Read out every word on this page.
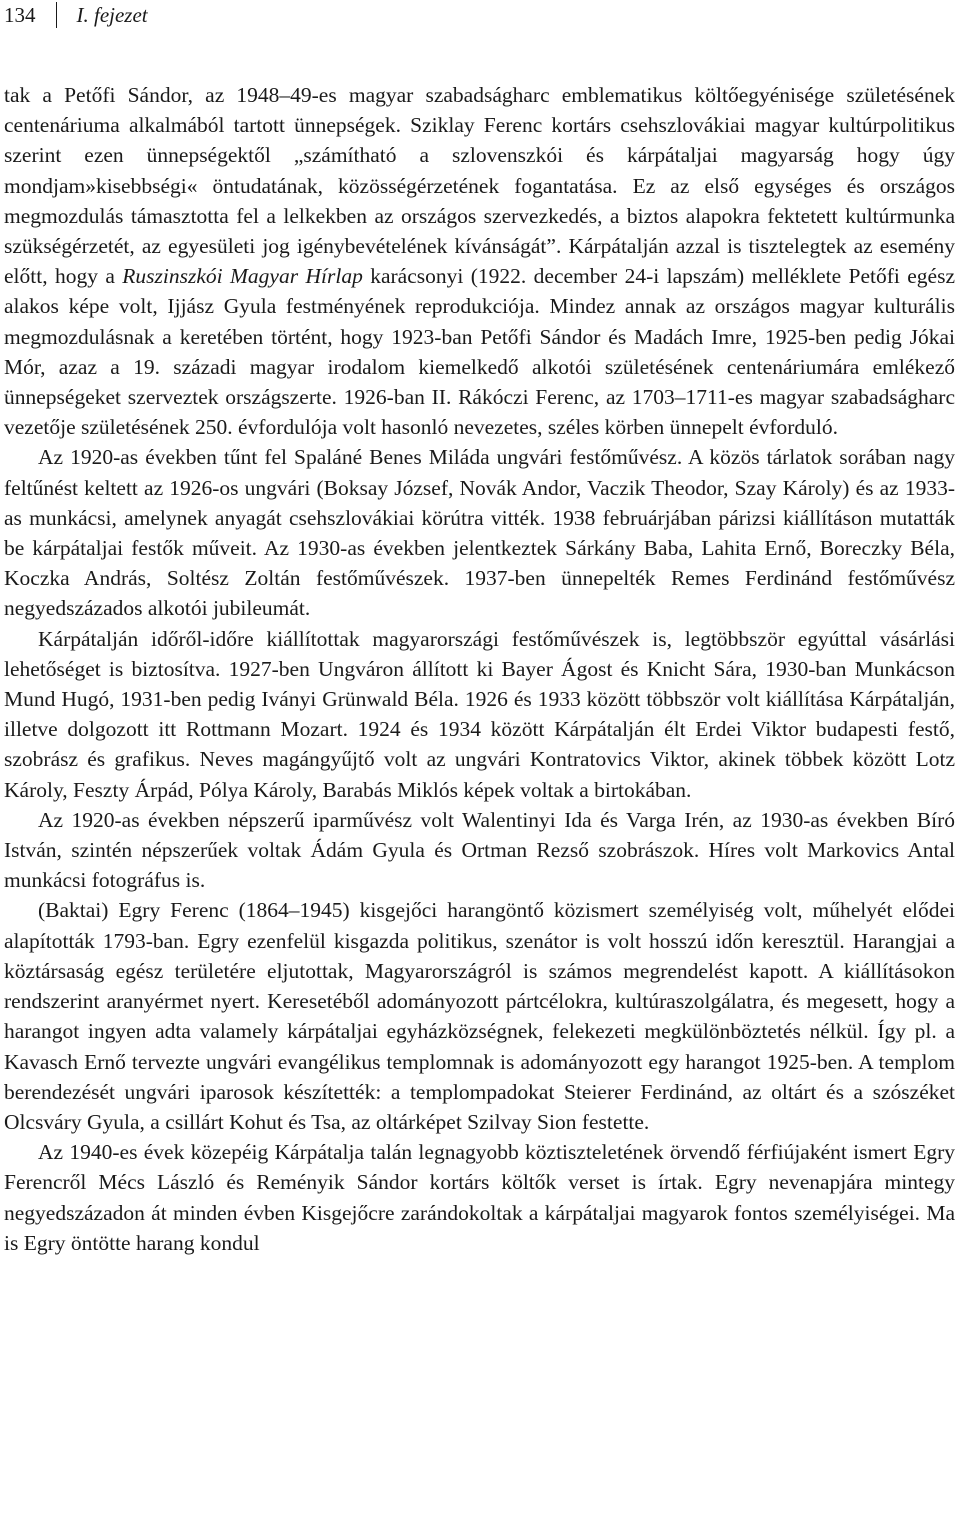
134	I. fejezet

tak a Petőfi Sándor, az 1948–49-es magyar szabadságharc emblematikus költőegyénisége születésének centenáriuma alkalmából tartott ünnepségek. Sziklay Ferenc kortárs csehszlovákiai magyar kultúrpolitikus szerint ezen ünnepségektől „számítható a szlovenszkói és kárpátaljai magyarság hogy úgy mondjam»kisebbségi« öntudatának, közösségérzetének fogantatása. Ez az első egységes és országos megmozdulás támasztotta fel a lelkekben az országos szervezkedés, a biztos alapokra fektetett kultúrmunka szükségérzetét, az egyesületi jog igénybevételének kívánságát”. Kárpátalján azzal is tisztelegtek az esemény előtt, hogy a Ruszinszkói Magyar Hírlap karácsonyi (1922. december 24-i lapszám) melléklete Petőfi egész alakos képe volt, Ijjász Gyula festményének reprodukciója. Mindez annak az országos magyar kulturális megmozdulásnak a keretében történt, hogy 1923-ban Petőfi Sándor és Madách Imre, 1925-ben pedig Jókai Mór, azaz a 19. századi magyar irodalom kiemelkedő alkotói születésének centenáriumára emlékező ünnepségeket szerveztek országszerte. 1926-ban II. Rákóczi Ferenc, az 1703–1711-es magyar szabadságharc vezetője születésének 250. évfordulója volt hasonló nevezetes, széles körben ünnepelt évforduló.

Az 1920-as években tűnt fel Spaláné Benes Miláda ungvári festőművész. A közös tárlatok sorában nagy feltűnést keltett az 1926-os ungvári (Boksay József, Novák Andor, Vaczik Theodor, Szay Károly) és az 1933-as munkácsi, amelynek anyagát csehszlovákiai körútra vitték. 1938 februárjában párizsi kiállításon mutatták be kárpátaljai festők műveit. Az 1930-as években jelentkeztek Sárkány Baba, Lahita Ernő, Boreczky Béla, Koczka András, Soltész Zoltán festőművészek. 1937-ben ünnepelték Remes Ferdinánd festőművész negyedszázados alkotói jubileumát.

Kárpátalján időről-időre kiállítottak magyarországi festőművészek is, legtöbbször egyúttal vásárlási lehetőséget is biztosítva. 1927-ben Ungváron állított ki Bayer Ágost és Knicht Sára, 1930-ban Munkácson Mund Hugó, 1931-ben pedig Iványi Grünwald Béla. 1926 és 1933 között többször volt kiállítása Kárpátalján, illetve dolgozott itt Rottmann Mozart. 1924 és 1934 között Kárpátalján élt Erdei Viktor budapesti festő, szobrász és grafikus. Neves magángyűjtő volt az ungvári Kontratovics Viktor, akinek többek között Lotz Károly, Feszty Árpád, Pólya Károly, Barabás Miklós képek voltak a birtokában.

Az 1920-as években népszerű iparművész volt Walentinyi Ida és Varga Irén, az 1930-as években Bíró István, szintén népszerűek voltak Ádám Gyula és Ortman Rezső szobrászok. Híres volt Markovics Antal munkácsi fotográfus is.

(Baktai) Egry Ferenc (1864–1945) kisgejőci harangöntő közismert személyiség volt, műhelyét elődei alapították 1793-ban. Egry ezenfelül kisgazda politikus, szenátor is volt hosszú időn keresztül. Harangjai a köztársaság egész területére eljutottak, Magyarországról is számos megrendelést kapott. A kiállításokon rendszerint aranyérmet nyert. Keresetéből adományozott pártcélokra, kultúraszolgálatra, és megesett, hogy a harangot ingyen adta valamely kárpátaljai egyházközségnek, felekezeti megkülönböztetés nélkül. Így pl. a Kavasch Ernő tervezte ungvári evangélikus templomnak is adományozott egy harangot 1925-ben. A templom berendezését ungvári iparosok készítették: a templompadokat Steierer Ferdinánd, az oltárt és a szószéket Olcsváry Gyula, a csillárt Kohut és Tsa, az oltárképet Szilvay Sion festette.

Az 1940-es évek közepéig Kárpátalja talán legnagyobb köztiszteletének örvendő férfiújaként ismert Egry Ferencről Mécs László és Reményik Sándor kortárs költők verset is írtak. Egry nevenapjára mintegy negyedszázadon át minden évben Kisgejőcre zarándokoltak a kárpátaljai magyarok fontos személyiségei. Ma is Egry öntötte harang kondul
